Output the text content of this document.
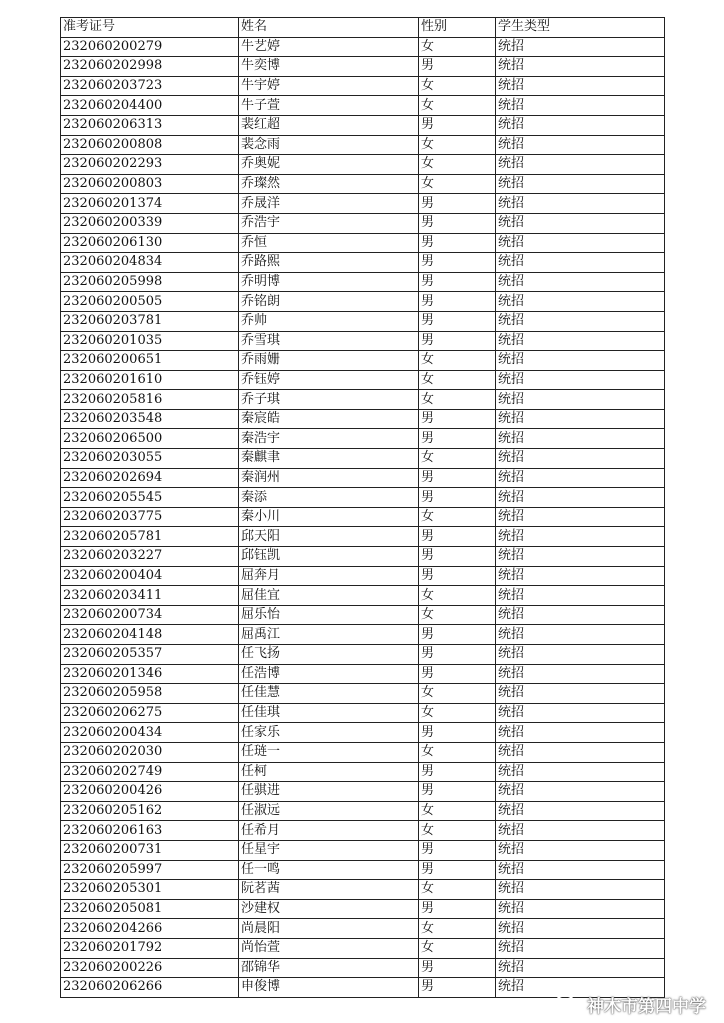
准考证号	姓名	性别	学生类型
232060200279	牛艺婷	女	统招
232060202998	牛奕博	男	统招
232060203723	牛宇婷	女	统招
232060204400	牛子萱	女	统招
232060206313	裴红超	男	统招
232060200808	裴念雨	女	统招
232060202293	乔奥妮	女	统招
232060200803	乔璨然	女	统招
232060201374	乔晟洋	男	统招
232060200339	乔浩宇	男	统招
232060206130	乔恒	男	统招
232060204834	乔路熙	男	统招
232060205998	乔明博	男	统招
232060200505	乔铭朗	男	统招
232060203781	乔帅	男	统招
232060201035	乔雪琪	男	统招
232060200651	乔雨姗	女	统招
232060201610	乔钰婷	女	统招
232060205816	乔子琪	女	统招
232060203548	秦宸皓	男	统招
232060206500	秦浩宇	男	统招
232060203055	秦麒聿	女	统招
232060202694	秦润州	男	统招
232060205545	秦添	男	统招
232060203775	秦小川	女	统招
232060205781	邱天阳	男	统招
232060203227	邱钰凯	男	统招
232060200404	屈奔月	男	统招
232060203411	屈佳宜	女	统招
232060200734	屈乐怡	女	统招
232060204148	屈禹江	男	统招
232060205357	任飞扬	男	统招
232060201346	任浩博	男	统招
232060205958	任佳慧	女	统招
232060206275	任佳琪	女	统招
232060200434	任家乐	男	统招
232060202030	任琏一	女	统招
232060202749	任柯	男	统招
232060200426	任骐进	男	统招
232060205162	任淑远	女	统招
232060206163	任希月	女	统招
232060200731	任星宇	男	统招
232060205997	任一鸣	男	统招
232060205301	阮茗茜	女	统招
232060205081	沙建权	男	统招
232060204266	尚晨阳	女	统招
232060201792	尚怡萱	女	统招
232060200226	邵锦华	男	统招
232060206266	申俊博	男	统招
神木市第四中学
